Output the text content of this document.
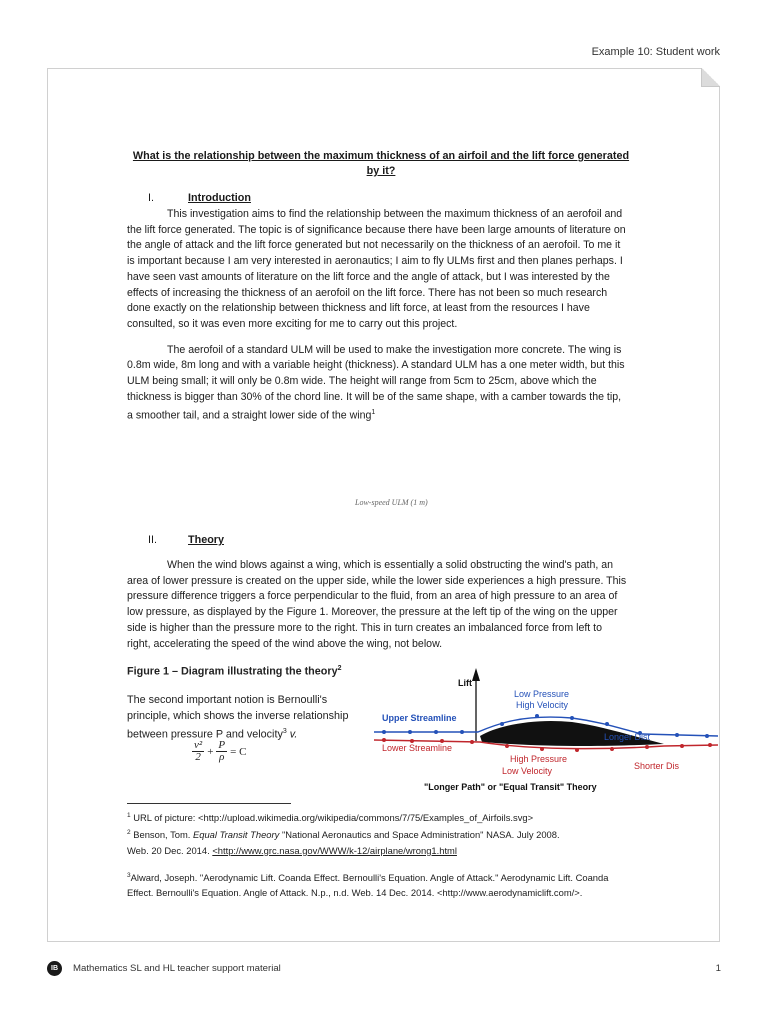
Example 10: Student work
What is the relationship between the maximum thickness of an airfoil and the lift force generated by it?
I.	Introduction

This investigation aims to find the relationship between the maximum thickness of an aerofoil and the lift force generated. The topic is of significance because there have been large amounts of literature on the angle of attack and the lift force generated but not necessarily on the thickness of an aerofoil. To me it is important because I am very interested in aeronautics; I aim to fly ULMs first and then planes perhaps. I have seen vast amounts of literature on the lift force and the angle of attack, but I was interested by the effects of increasing the thickness of an aerofoil on the lift force. There has not been so much research done exactly on the relationship between thickness and lift force, at least from the resources I have consulted, so it was even more exciting for me to carry out this project.

The aerofoil of a standard ULM will be used to make the investigation more concrete. The wing is 0.8m wide, 8m long and with a variable height (thickness). A standard ULM has a one meter width, but this ULM being small; it will only be 0.8m wide. The height will range from 5cm to 25cm, above which the thickness is bigger than 30% of the chord line. It will be of the same shape, with a camber towards the tip, a smoother tail, and a straight lower side of the wing$^1$

Low-speed ULM (1 m)
II.	Theory

When the wind blows against a wing, which is essentially a solid obstructing the wind's path, an area of lower pressure is created on the upper side, while the lower side experiences a high pressure. This pressure difference triggers a force perpendicular to the fluid, from an area of high pressure to an area of low pressure, as displayed by the Figure 1. Moreover, the pressure at the left tip of the wing on the upper side is higher than the pressure more to the right. This in turn creates an imbalanced force from left to right, accelerating the speed of the wind above the wing, not below.

Figure 1 – Diagram illustrating the theory$^2$
The second important notion is Bernoulli's principle, which shows the inverse relationship between pressure P and velocity$^3$ v.
$\frac{\text{v²}}{2} + \frac{P}{\rho} = C$
Lift
Low Pressure
High Velocity
Upper Streamline
Lower Streamline
Longer Dist
High Pressure
Low Velocity	Shorter Dis
"Longer Path" or "Equal Transit" Theory

$^1$ URL of picture: <http://upload.wikimedia.org/wikipedia/commons/7/75/Examples_of_Airfoils.svg>

$^2$ Benson, Tom. Equal Transit Theory "National Aeronautics and Space Administration" NASA. July 2008.
Web. 20 Dec. 2014. <http://www.grc.nasa.gov/WWW/k-12/airplane/wrong1.html

$^3$Alward, Joseph. "Aerodynamic Lift. Coanda Effect. Bernoulli's Equation. Angle of Attack." Aerodynamic Lift. Coanda Effect. Bernoulli's Equation. Angle of Attack. N.p., n.d. Web. 14 Dec. 2014. <http://www.aerodynamiclift.com/>.

IB	Mathematics SL and HL teacher support material	1
